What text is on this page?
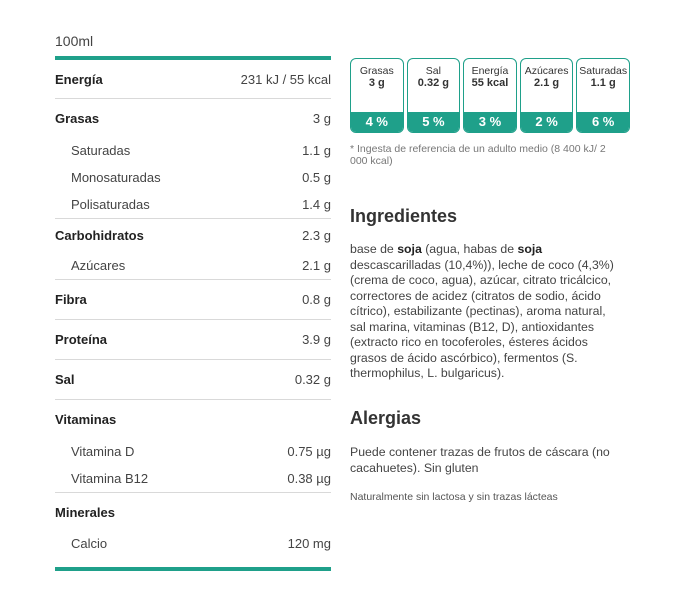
100ml
Energía	231 kJ / 55 kcal
Grasas	3 g
Saturadas	1.1 g
Monosaturadas	0.5 g
Polisaturadas	1.4 g
Carbohidratos	2.3 g
Azúcares	2.1 g
Fibra	0.8 g
Proteína	3.9 g
Sal	0.32 g
Vitaminas
Vitamina D	0.75 µg
Vitamina B12	0.38 µg
Minerales
Calcio	120 mg
Grasas
3 g
4 %
Sal
0.32 g
5 %
Energía
55 kcal
3 %
Azúcares
2.1 g
2 %
Saturadas
1.1 g
6 %
* Ingesta de referencia de un adulto medio (8 400 kJ/ 2 000 kcal)
Ingredientes

base de soja (agua, habas de soja descascarilladas (10,4%)), leche de coco (4,3%) (crema de coco, agua), azúcar, citrato tricálcico, correctores de acidez (citratos de sodio, ácido cítrico), estabilizante (pectinas), aroma natural, sal marina, vitaminas (B12, D), antioxidantes (extracto rico en tocoferoles, ésteres ácidos grasos de ácido ascórbico), fermentos (S. thermophilus, L. bulgaricus).

Alergias

Puede contener trazas de frutos de cáscara (no cacahuetes). Sin gluten

Naturalmente sin lactosa y sin trazas lácteas
